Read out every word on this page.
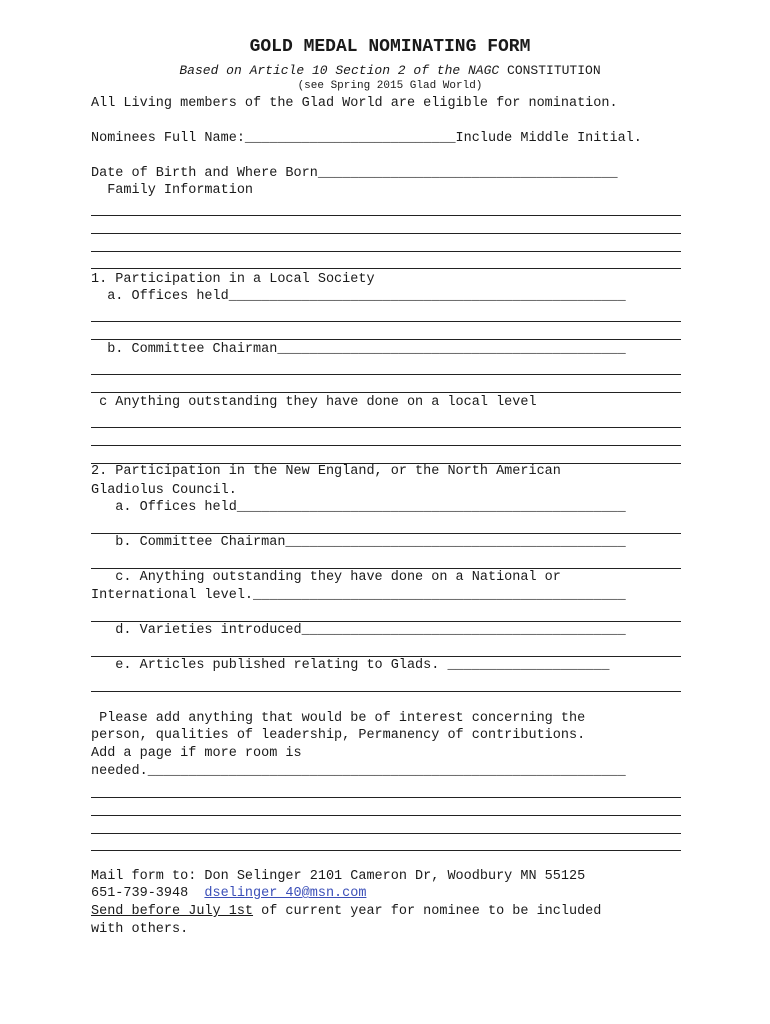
GOLD MEDAL NOMINATING FORM
Based on Article 10 Section 2 of the NAGC CONSTITUTION
(see Spring 2015 Glad World)
All Living members of the Glad World are eligible for nomination.
Nominees Full Name:__________________________Include Middle Initial.
Date of Birth and Where Born_____________________________________
Family Information
1. Participation in a Local Society
a. Offices held_________________________________________________
b. Committee Chairman___________________________________________
c Anything outstanding they have done on a local level
2. Participation in the New England, or the North American
Gladiolus Council.
a. Offices held________________________________________________
b. Committee Chairman__________________________________________
c. Anything outstanding they have done on a National or
International level.______________________________________________
d. Varieties introduced________________________________________
e. Articles published relating to Glads. ____________________
Please add anything that would be of interest concerning the
person, qualities of leadership, Permanency of contributions.
Add a page if more room is
needed.___________________________________________________________
Mail form to: Don Selinger 2101 Cameron Dr, Woodbury MN 55125
651-739-3948 dselinger 40@msn.com
Send before July 1st of current year for nominee to be included
with others.
